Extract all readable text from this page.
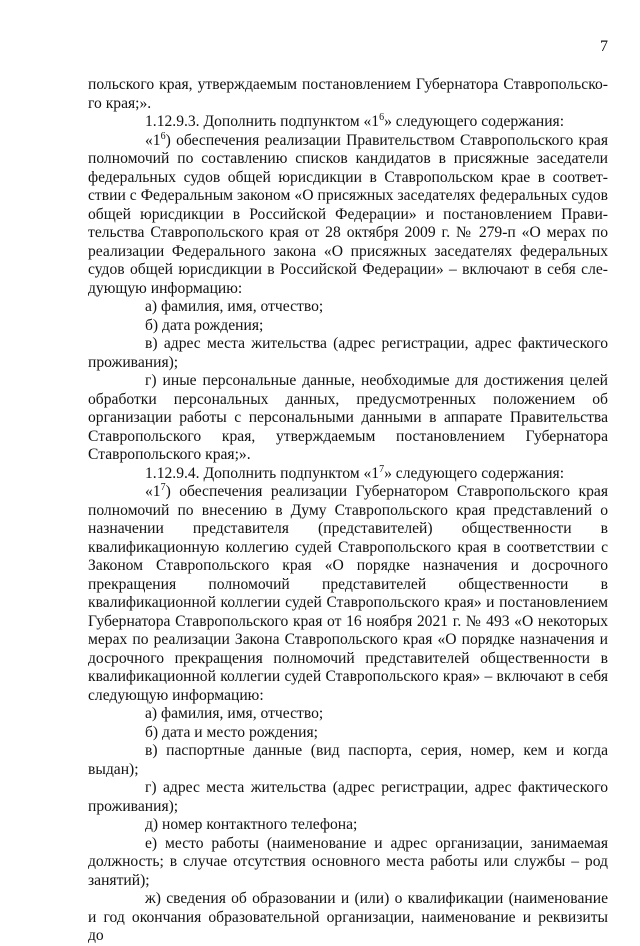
7

польского края, утверждаемым постановлением Губернатора Ставропольского края;».

1.12.9.3. Дополнить подпунктом «$1^6$» следующего содержания:

«$1^6$) обеспечения реализации Правительством Ставропольского края полномочий по составлению списков кандидатов в присяжные заседатели федеральных судов общей юрисдикции в Ставропольском крае в соответствии с Федеральным законом «О присяжных заседателях федеральных судов общей юрисдикции в Российской Федерации» и постановлением Правительства Ставропольского края от 28 октября 2009 г. № 279-п «О мерах по реализации Федерального закона «О присяжных заседателях федеральных судов общей юрисдикции в Российской Федерации» – включают в себя следующую информацию:

а) фамилия, имя, отчество;

б) дата рождения;

в) адрес места жительства (адрес регистрации, адрес фактического проживания);

г) иные персональные данные, необходимые для достижения целей обработки персональных данных, предусмотренных положением об организации работы с персональными данными в аппарате Правительства Ставропольского края, утверждаемым постановлением Губернатора Ставропольского края;».

1.12.9.4. Дополнить подпунктом «$1^7$» следующего содержания:

«$1^7$) обеспечения реализации Губернатором Ставропольского края полномочий по внесению в Думу Ставропольского края представлений о назначении представителя (представителей) общественности в квалификационную коллегию судей Ставропольского края в соответствии с Законом Ставропольского края «О порядке назначения и досрочного прекращения полномочий представителей общественности в квалификационной коллегии судей Ставропольского края» и постановлением Губернатора Ставропольского края от 16 ноября 2021 г. № 493 «О некоторых мерах по реализации Закона Ставропольского края «О порядке назначения и досрочного прекращения полномочий представителей общественности в квалификационной коллегии судей Ставропольского края» – включают в себя следующую информацию:

а) фамилия, имя, отчество;

б) дата и место рождения;

в) паспортные данные (вид паспорта, серия, номер, кем и когда выдан);

г) адрес места жительства (адрес регистрации, адрес фактического проживания);

д) номер контактного телефона;

е) место работы (наименование и адрес организации, занимаемая должность; в случае отсутствия основного места работы или службы – род занятий);

ж) сведения об образовании и (или) о квалификации (наименование и год окончания образовательной организации, наименование и реквизиты до
